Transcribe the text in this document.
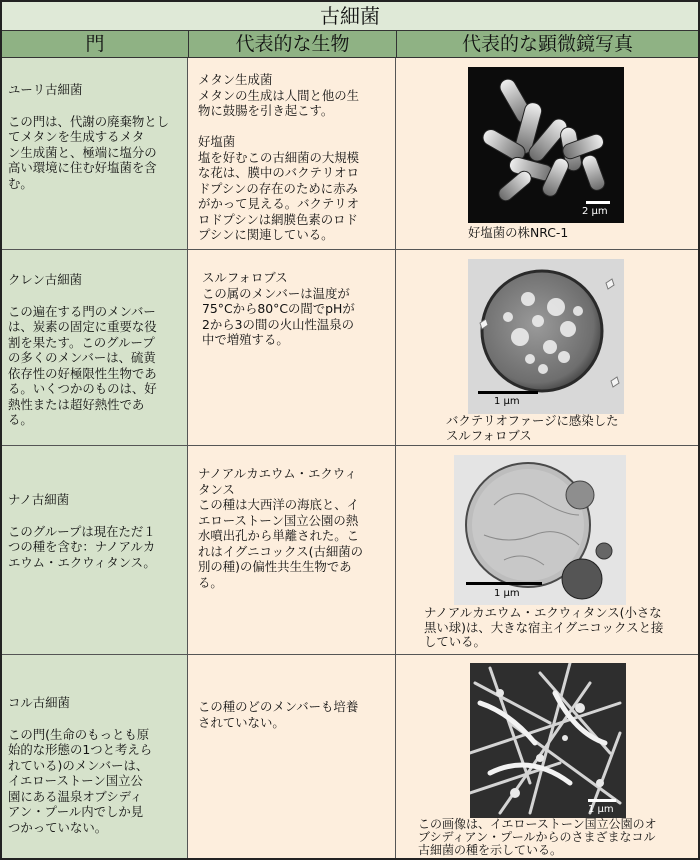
古細菌
門	代表的な生物	代表的な顕微鏡写真
ユーリ古細菌
この門は、代謝の廃棄物とし
てメタンを生成するメタ
ン生成菌と、極端に塩分の
高い環境に住む好塩菌を含
む。
メタン生成菌
メタンの生成は人間と他の生
物に鼓腸を引き起こす。

好塩菌
塩を好むこの古細菌の大規模
な花は、膜中のバクテリオロ
ドプシンの存在のために赤み
がかって見える。バクテリオ
ロドプシンは網膜色素のロド
プシンに関連している。
2 μm
好塩菌の株NRC-1
クレン古細菌
この遍在する門のメンバー
は、炭素の固定に重要な役
割を果たす。このグループ
の多くのメンバーは、硫黄
依存性の好極限性生物であ
る。いくつかのものは、好
熱性または超好熱性であ
る。
スルフォロブス
この属のメンバーは温度が
75°Cから80°Cの間でpHが
2から3の間の火山性温泉の
中で増殖する。
1 μm
バクテリオファージに感染した
スルフォロブス
ナノ古細菌
このグループは現在ただ１
つの種を含む：ナノアルカ
エウム・エクウィタンス。
ナノアルカエウム・エクウィ
タンス
この種は大西洋の海底と、イ
エローストーン国立公園の熱
水噴出孔から単離された。こ
れはイグニコックス(古細菌の
別の種)の偏性共生生物であ
る。
1 μm
ナノアルカエウム・エクウィタンス(小さな
黒い球)は、大きな宿主イグニコックスと接
している。
コル古細菌
この門(生命のもっとも原
始的な形態の1つと考えら
れている)のメンバーは、
イエローストーン国立公
園にある温泉オブシディ
アン・プール内でしか見
つかっていない。
この種のどのメンバーも培養
されていない。
1 μm
この画像は、イエローストーン国立公園のオ
ブシディアン・プールからのさまざまなコル
古細菌の種を示している。
